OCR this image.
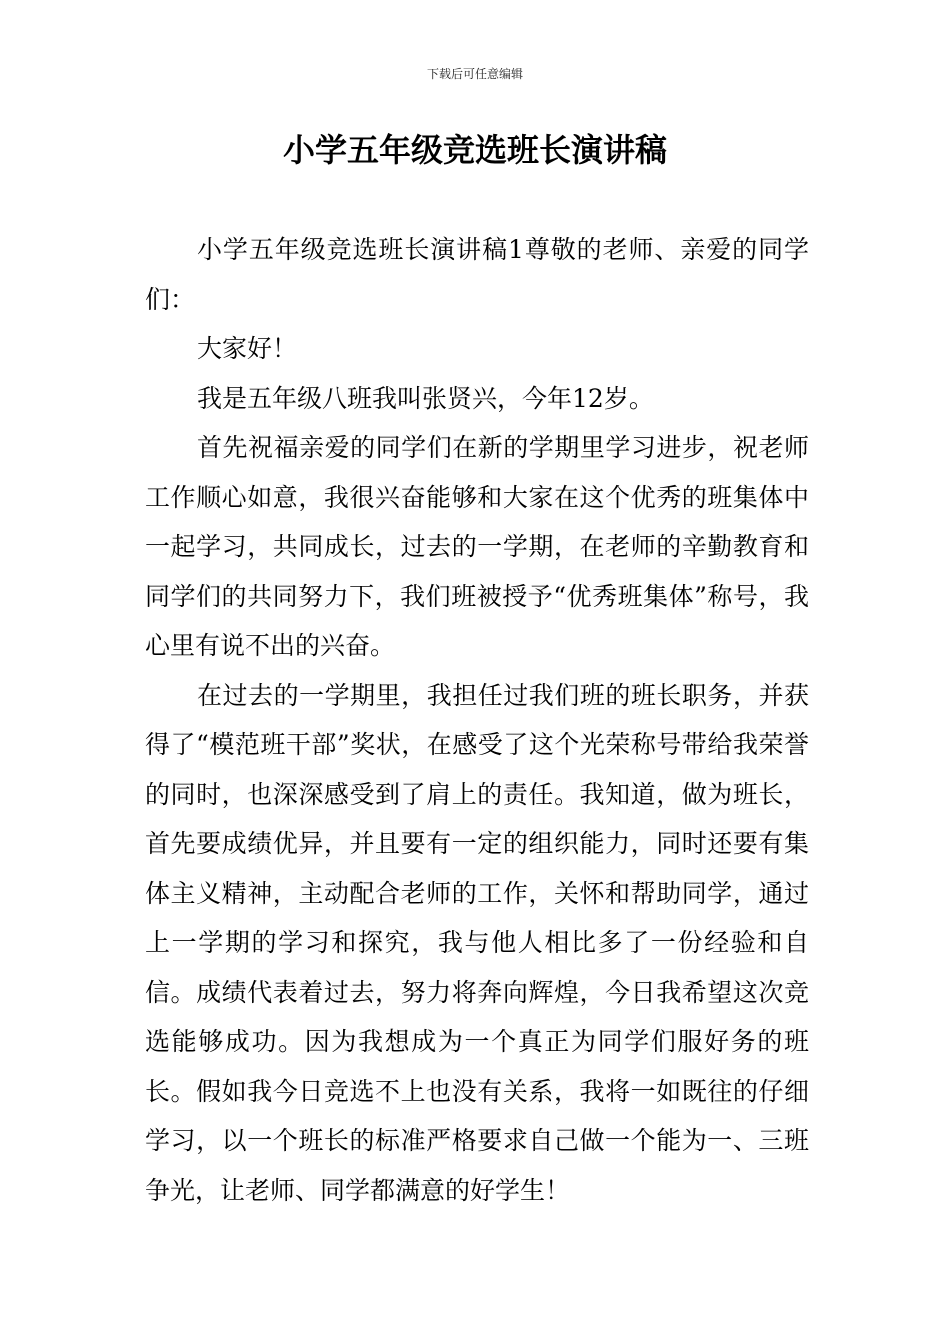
下载后可任意编辑
小学五年级竞选班长演讲稿

小学五年级竞选班长演讲稿1尊敬的老师、亲爱的同学们：

大家好！

我是五年级八班我叫张贤兴，今年12岁。

首先祝福亲爱的同学们在新的学期里学习进步，祝老师工作顺心如意，我很兴奋能够和大家在这个优秀的班集体中一起学习，共同成长，过去的一学期，在老师的辛勤教育和同学们的共同努力下，我们班被授予“优秀班集体”称号，我心里有说不出的兴奋。

在过去的一学期里，我担任过我们班的班长职务，并获得了“模范班干部”奖状，在感受了这个光荣称号带给我荣誉的同时，也深深感受到了肩上的责任。我知道，做为班长，首先要成绩优异，并且要有一定的组织能力，同时还要有集体主义精神，主动配合老师的工作，关怀和帮助同学，通过上一学期的学习和探究，我与他人相比多了一份经验和自信。成绩代表着过去，努力将奔向辉煌，今日我希望这次竞选能够成功。因为我想成为一个真正为同学们服好务的班长。假如我今日竞选不上也没有关系，我将一如既往的仔细学习，以一个班长的标准严格要求自己做一个能为一、三班争光，让老师、同学都满意的好学生！
